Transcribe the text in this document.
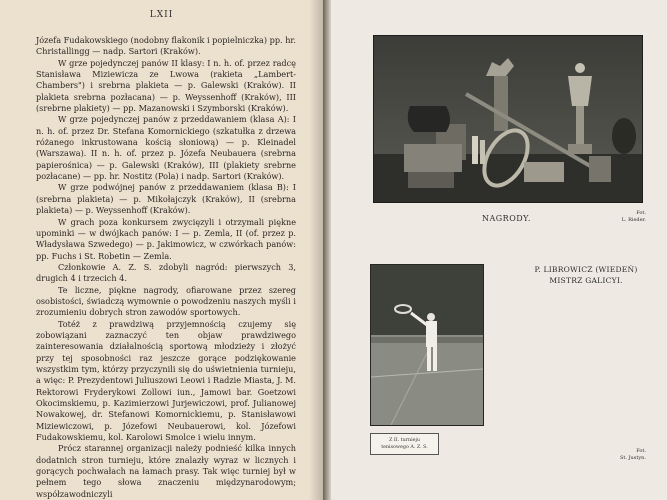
LXII

Józefa Fudakowskiego (nodobny flakonik i popielniczka) pp. hr. Christallingg — nadp. Sartori (Kraków).

W grze pojedynczej panów II klasy: I n. h. of. przez radcę Stanisława Miziewicza ze Lwowa (rakieta „Lambert-Chambers") i srebrna plakieta — p. Galewski (Kraków). II plakieta srebrna pozłacana) — p. Weyssenhoff (Kraków), III (srebrne plakiety) — pp. Mazanowski i Szymborski (Kraków).

W grze pojedynczej panów z przeddawaniem (klasa A): I n. h. of. przez Dr. Stefana Komornickiego (szkatułka z drzewa różanego inkrustowana kością słoniową) — p. Kleinadel (Warszawa). II n. h. of. przez p. Józefa Neubauera (srebrna papierośnica) — p. Galewski (Kraków), III (plakiety srebrne pozłacane) — pp. hr. Nostitz (Pola) i nadp. Sartori (Kraków).

W grze podwójnej panów z przeddawaniem (klasa B): I (srebrna plakieta) — p. Mikołajczyk (Kraków), II (srebrna plakieta) — p. Weyssenhoff (Kraków).

W grach poza konkursem zwycięzyli i otrzymali piękne upominki — w dwójkach panów: I — p. Zemla, II (of. przez p. Władysława Szwedego) — p. Jakimowicz, w czwórkach panów: pp. Fuchs i St. Robetin — Zemla.

Członkowie A. Z. S. zdobyli nagród: pierwszych 3, drugich 4 i trzecich 4.

Te liczne, piękne nagrody, ofiarowane przez szereg osobistości, świadczą wymownie o powodzeniu naszych myśli i zrozumieniu dobrych stron zawodów sportowych.

Totéż z prawdziwą przyjemnością czujemy się zobowiązani zaznaczyć ten objaw prawdziwego zainteresowania działalnością sportową młodzieży i złożyć przy tej sposobności raz jeszcze gorące podziękowanie wszystkim tym, którzy przyczynili się do uświetnienia turnieju, a więc: P. Prezydentowi Juliuszowi Leowi i Radzie Miasta, J. M. Rektorowi Fryderykowi Zollowi iun., Jamowi bar. Goetzowi Okocimskiemu, p. Kazimierzowi Jurjewiczowi, prof. Julianowej Nowakowej, dr. Stefanowi Komornickiemu, p. Stanisławowi Miziewiczowi, p. Józefowi Neubauerowi, kol. Józefowi Fudakowskiemu, kol. Karolowi Smolce i wielu innym.

Prócz starannej organizacji należy podnieść kilka innych dodatnich stron turnieju, które znalazły wyraz w licznych i gorących pochwałach na łamach prasy. Tak więc turniej był w pełnem tego słowa znaczeniu międzynarodowym; współzawodniczyli

NAGRODY.
Fot.
L. Rieder.
P. LIBROWICZ (WIEDEŃ)
MISTRZ GALICYI.
Z II. turnieju
tenisowego A. Z. S.
Fot.
St. Justyn.
